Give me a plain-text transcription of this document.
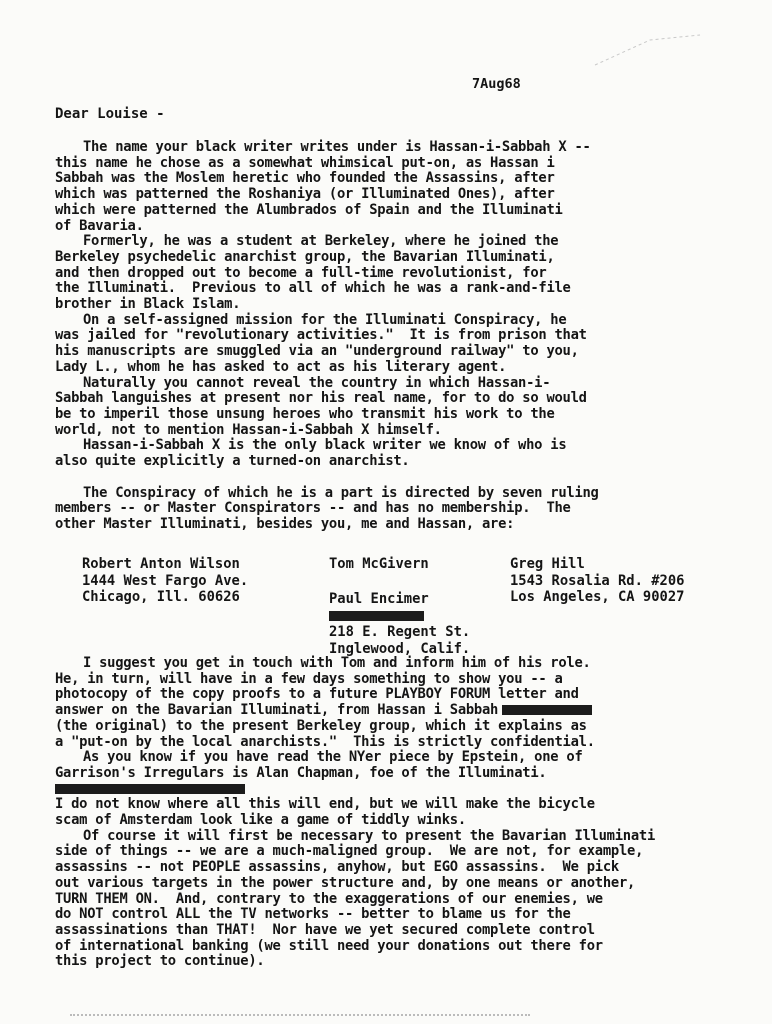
7Aug68
Dear Louise -
The name your black writer writes under is Hassan-i-Sabbah X --
this name he chose as a somewhat whimsical put-on, as Hassan i
Sabbah was the Moslem heretic who founded the Assassins, after
which was patterned the Roshaniya (or Illuminated Ones), after
which were patterned the Alumbrados of Spain and the Illuminati
of Bavaria.
Formerly, he was a student at Berkeley, where he joined the
Berkeley psychedelic anarchist group, the Bavarian Illuminati,
and then dropped out to become a full-time revolutionist, for
the Illuminati.  Previous to all of which he was a rank-and-file
brother in Black Islam.
On a self-assigned mission for the Illuminati Conspiracy, he
was jailed for "revolutionary activities."  It is from prison that
his manuscripts are smuggled via an "underground railway" to you,
Lady L., whom he has asked to act as his literary agent.
Naturally you cannot reveal the country in which Hassan-i-
Sabbah languishes at present nor his real name, for to do so would
be to imperil those unsung heroes who transmit his work to the
world, not to mention Hassan-i-Sabbah X himself.
Hassan-i-Sabbah X is the only black writer we know of who is
also quite explicitly a turned-on anarchist.
The Conspiracy of which he is a part is directed by seven ruling
members -- or Master Conspirators -- and has no membership.  The
other Master Illuminati, besides you, me and Hassan, are:
Robert Anton Wilson
1444 West Fargo Ave.
Chicago, Ill. 60626
Tom McGivern	Greg Hill
1543 Rosalia Rd. #206
Los Angeles, CA 90027
Paul Encimer
218 E. Regent St.
Inglewood, Calif.
I suggest you get in touch with Tom and inform him of his role.
He, in turn, will have in a few days something to show you -- a
photocopy of the copy proofs to a future PLAYBOY FORUM letter and
answer on the Bavarian Illuminati, from Hassan i Sabbah
(the original) to the present Berkeley group, which it explains as
a "put-on by the local anarchists."  This is strictly confidential.
As you know if you have read the NYer piece by Epstein, one of
Garrison's Irregulars is Alan Chapman, foe of the Illuminati.
I do not know where all this will end, but we will make the bicycle
scam of Amsterdam look like a game of tiddly winks.
Of course it will first be necessary to present the Bavarian Illuminati
side of things -- we are a much-maligned group.  We are not, for example,
assassins -- not PEOPLE assassins, anyhow, but EGO assassins.  We pick
out various targets in the power structure and, by one means or another,
TURN THEM ON.  And, contrary to the exaggerations of our enemies, we
do NOT control ALL the TV networks -- better to blame us for the
assassinations than THAT!  Nor have we yet secured complete control
of international banking (we still need your donations out there for
this project to continue).
